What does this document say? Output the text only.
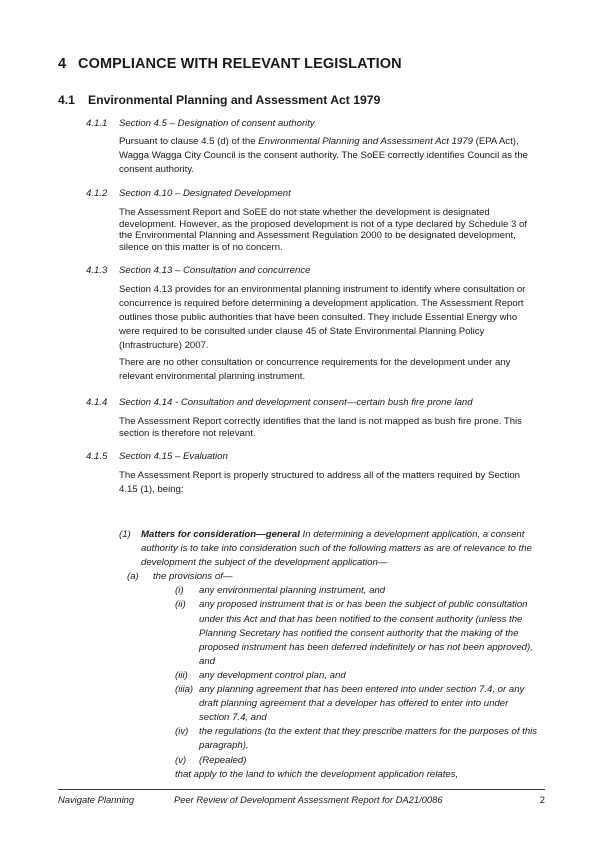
4 COMPLIANCE WITH RELEVANT LEGISLATION
4.1 Environmental Planning and Assessment Act 1979
4.1.1 Section 4.5 – Designation of consent authority

Pursuant to clause 4.5 (d) of the Environmental Planning and Assessment Act 1979 (EPA Act), Wagga Wagga City Council is the consent authority. The SoEE correctly identifies Council as the consent authority.

4.1.2 Section 4.10 – Designated Development

The Assessment Report and SoEE do not state whether the development is designated development. However, as the proposed development is not of a type declared by Schedule 3 of the Environmental Planning and Assessment Regulation 2000 to be designated development, silence on this matter is of no concern.

4.1.3 Section 4.13 – Consultation and concurrence

Section 4.13 provides for an environmental planning instrument to identify where consultation or concurrence is required before determining a development application. The Assessment Report outlines those public authorities that have been consulted. They include Essential Energy who were required to be consulted under clause 45 of State Environmental Planning Policy (Infrastructure) 2007.

There are no other consultation or concurrence requirements for the development under any relevant environmental planning instrument.

4.1.4 Section 4.14 - Consultation and development consent—certain bush fire prone land

The Assessment Report correctly identifies that the land is not mapped as bush fire prone. This section is therefore not relevant.

4.1.5 Section 4.15 – Evaluation

The Assessment Report is properly structured to address all of the matters required by Section 4.15 (1), being:

(1) Matters for consideration—general In determining a development application, a consent authority is to take into consideration such of the following matters as are of relevance to the development the subject of the development application—
(a) the provisions of—
(i) any environmental planning instrument, and
(ii) any proposed instrument that is or has been the subject of public consultation under this Act and that has been notified to the consent authority (unless the Planning Secretary has notified the consent authority that the making of the proposed instrument has been deferred indefinitely or has not been approved), and
(iii) any development control plan, and
(iiia) any planning agreement that has been entered into under section 7.4, or any draft planning agreement that a developer has offered to enter into under section 7.4, and
(iv) the regulations (to the extent that they prescribe matters for the purposes of this paragraph),
(v) (Repealed)
that apply to the land to which the development application relates,
Navigate Planning	Peer Review of Development Assessment Report for DA21/0086	2
